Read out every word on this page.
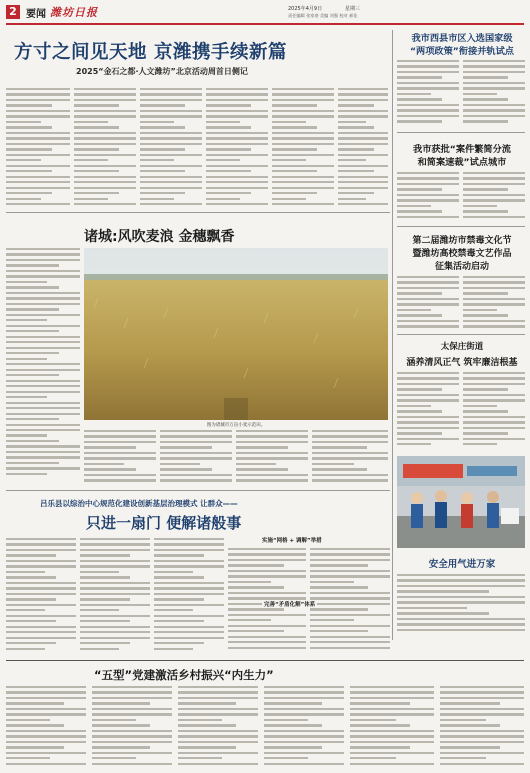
2 要闻 潍坊日报	2025年4月9日	星期三
责任编辑 张家豪 美编 刘强 校对 郝佳
方寸之间见天地 京潍携手续新篇
2025“金石之都·人文潍坊”北京活动周首日侧记
我市西县市区入选国家级
“两项政策”衔接并轨试点
我市获批“案件繁简分流
和简案速裁”试点城市
第二届潍坊市禁毒文化节
暨潍坊高校禁毒文艺作品
征集活动启动
太保庄街道
涵养清风正气 筑牢廉洁根基
安全用气进万家
诸城:风吹麦浪 金穗飘香
图为诸城市万亩小麦示范田。
吕乐县以综治中心规范化建设创新基层治理模式 让群众——
只进一扇门 便解诸般事
实施“网格 + 调解”举措
完善“矛盾化解”体系
“五型”党建激活乡村振兴“内生力”
